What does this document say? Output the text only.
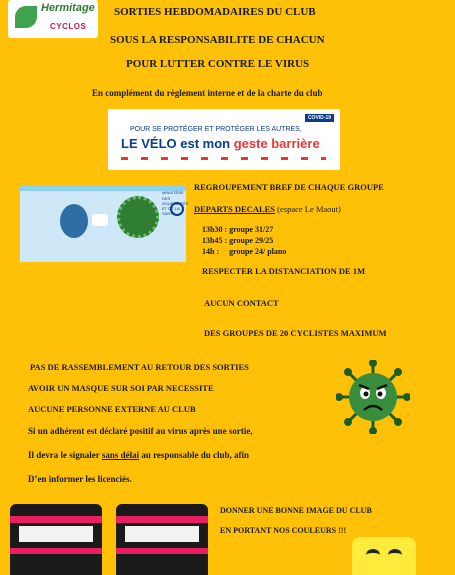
Hermitage
CYCLOS
SORTIES HEBDOMADAIRES DU CLUB
SOUS LA RESPONSABILITE DE CHACUN
POUR LUTTER CONTRE LE VIRUS
En complément du règlement interne et de la charte du club
COVID-19
POUR SE PROTÉGER ET PROTÉGER LES AUTRES,
LE VÉLO est mon geste barrière
MINISTÈRE
DES SOLIDARITÉS ET DE LA SANTÉ
REGROUPEMENT BREF DE CHAQUE GROUPE
DEPARTS DECALES (espace Le Maout)
13h30 : groupe 31/27
13h45 : groupe 29/25
14h :     groupe 24/ plano
RESPECTER LA DISTANCIATION DE 1M
AUCUN CONTACT
DES GROUPES DE 20 CYCLISTES MAXIMUM
PAS DE RASSEMBLEMENT AU RETOUR DES SORTIES
AVOIR UN MASQUE SUR SOI PAR NECESSITE
AUCUNE PERSONNE EXTERNE AU CLUB
Si un adhérent est déclaré positif au virus après une sortie,
Il devra le signaler sans délai au responsable du club, afin
D’en informer les licenciés.
DONNER UNE BONNE IMAGE DU CLUB
EN PORTANT NOS COULEURS !!!
